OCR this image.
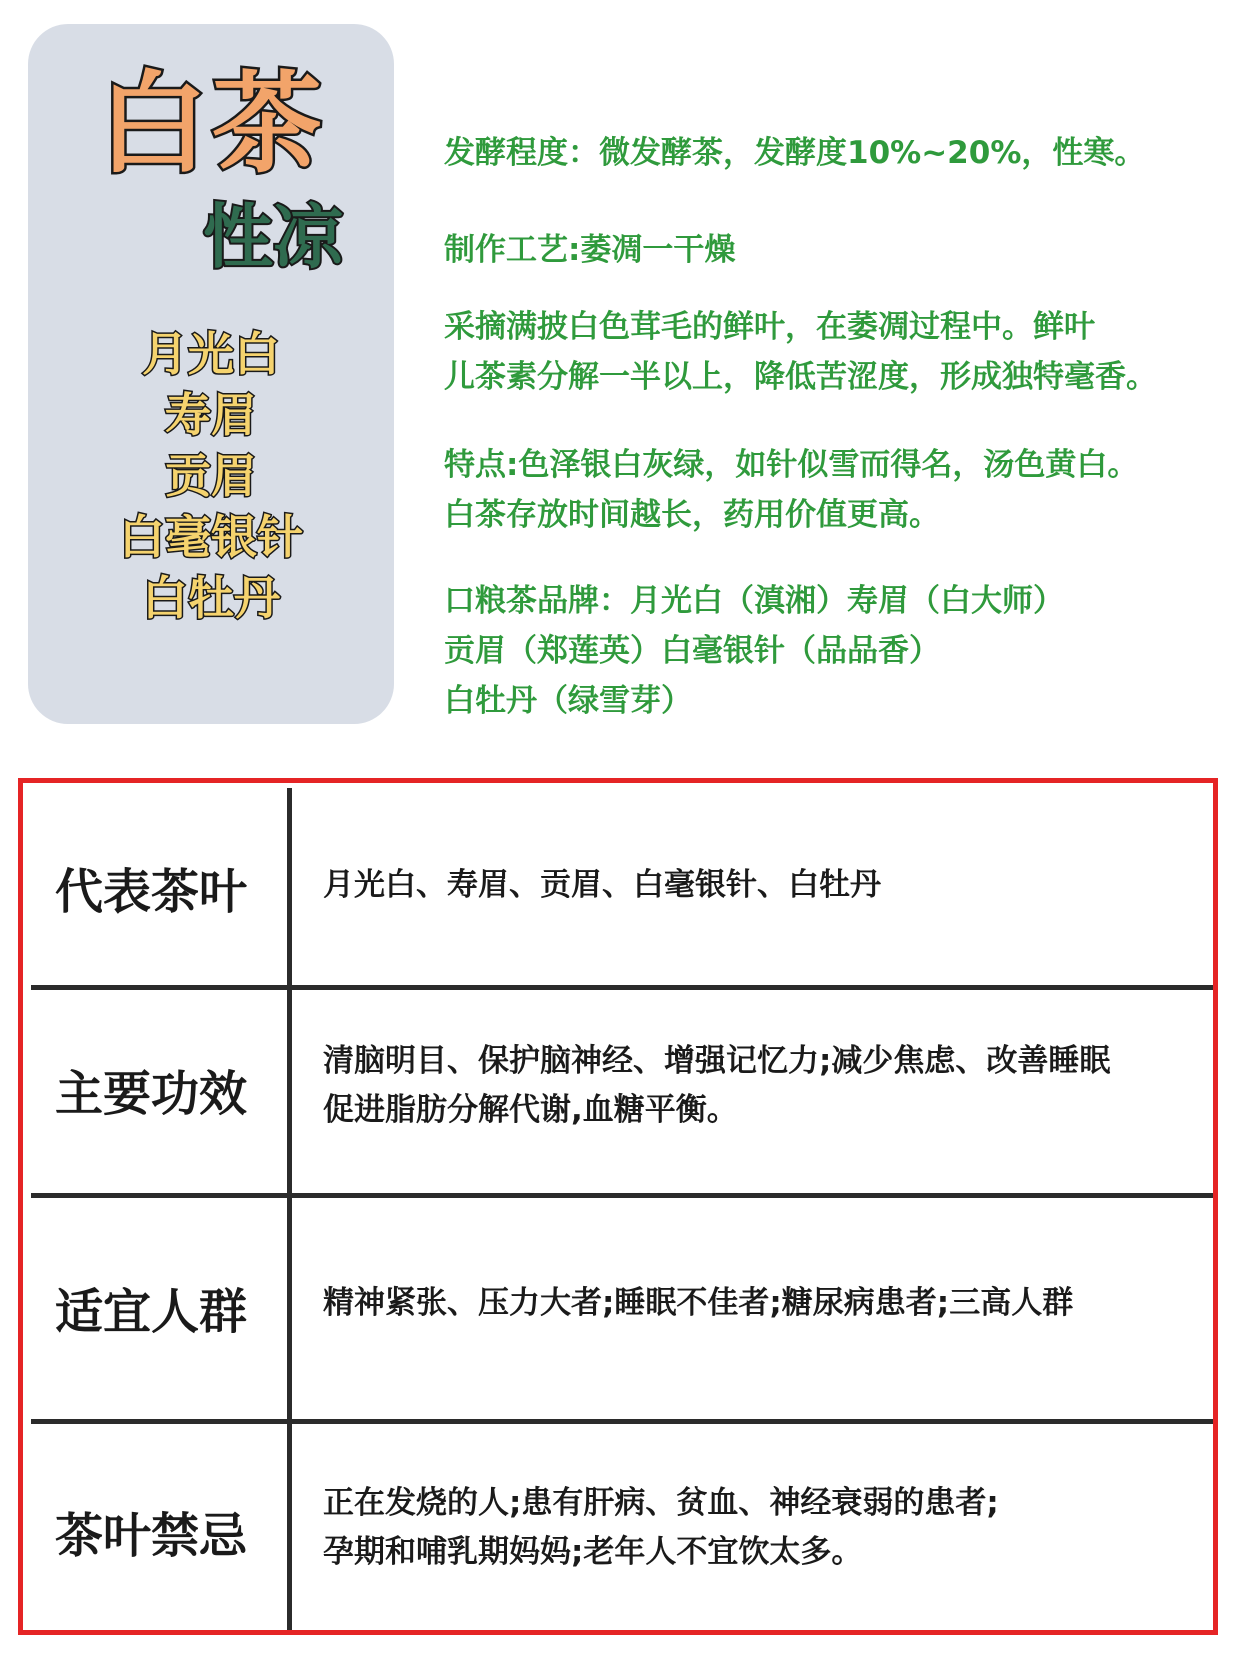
白茶
性凉
月光白
寿眉
贡眉
白毫银针
白牡丹
发酵程度：微发酵茶，发酵度10%~20%，性寒。
制作工艺:萎凋一干燥
采摘满披白色茸毛的鲜叶，在萎凋过程中。鲜叶
儿茶素分解一半以上，降低苦涩度，形成独特毫香。
特点:色泽银白灰绿，如针似雪而得名，汤色黄白。
白茶存放时间越长，药用价值更高。
口粮茶品牌：月光白（滇湘）寿眉（白大师）
贡眉（郑莲英）白毫银针（品品香）
白牡丹（绿雪芽）
代表茶叶	月光白、寿眉、贡眉、白毫银针、白牡丹
主要功效
清脑明目、保护脑神经、增强记忆力;减少焦虑、改善睡眠
促进脂肪分解代谢,血糖平衡。
适宜人群	精神紧张、压力大者;睡眠不佳者;糖尿病患者;三高人群
茶叶禁忌
正在发烧的人;患有肝病、贫血、神经衰弱的患者;
孕期和哺乳期妈妈;老年人不宜饮太多。
